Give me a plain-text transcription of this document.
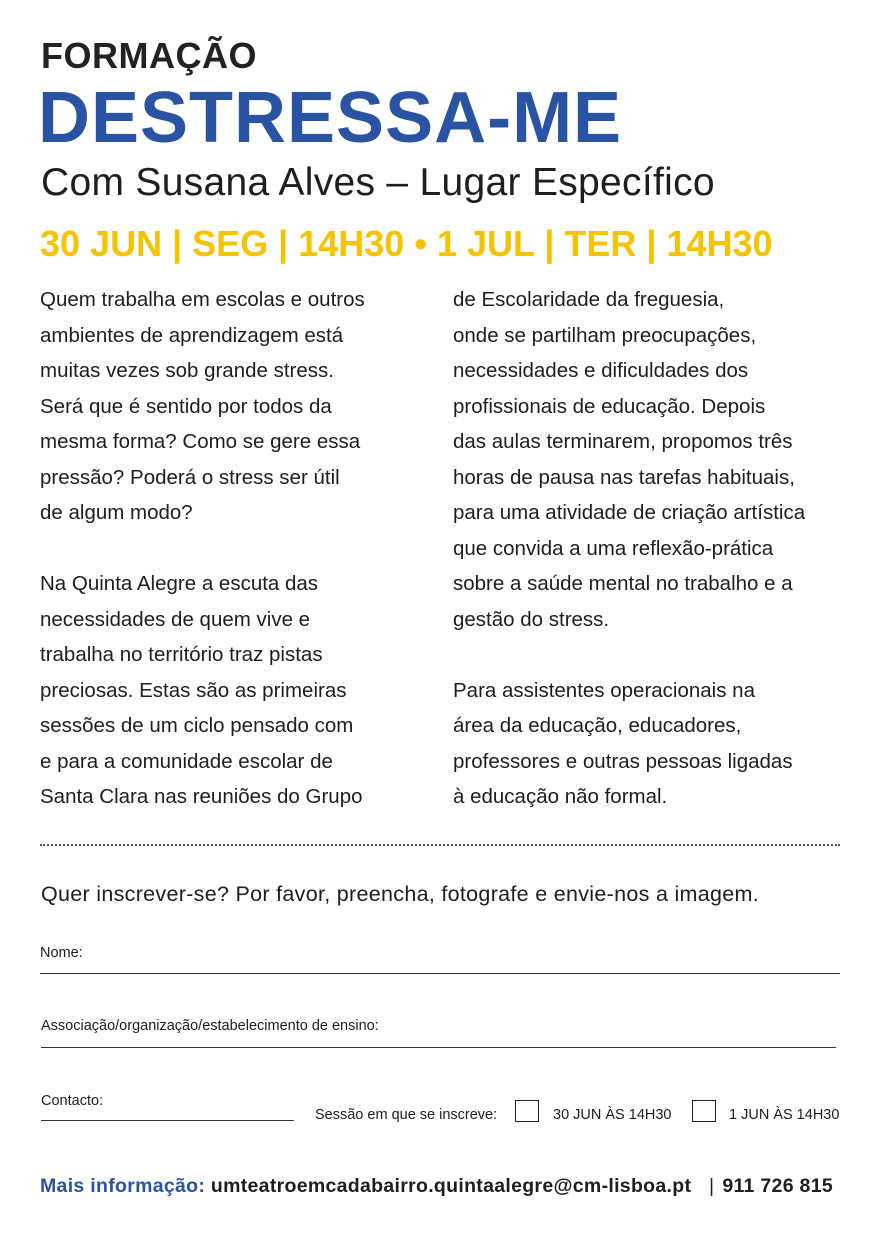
FORMAÇÃO
DESTRESSA-ME
Com Susana Alves – Lugar Específico
30 JUN | SEG | 14H30 • 1 JUL | TER | 14H30

Quem trabalha em escolas e outros
ambientes de aprendizagem está
muitas vezes sob grande stress.
Será que é sentido por todos da
mesma forma? Como se gere essa
pressão? Poderá o stress ser útil
de algum modo?

Na Quinta Alegre a escuta das
necessidades de quem vive e
trabalha no território traz pistas
preciosas. Estas são as primeiras
sessões de um ciclo pensado com
e para a comunidade escolar de
Santa Clara nas reuniões do Grupo

de Escolaridade da freguesia,
onde se partilham preocupações,
necessidades e dificuldades dos
profissionais de educação. Depois
das aulas terminarem, propomos três
horas de pausa nas tarefas habituais,
para uma atividade de criação artística
que convida a uma reflexão-prática
sobre a saúde mental no trabalho e a
gestão do stress.

Para assistentes operacionais na
área da educação, educadores,
professores e outras pessoas ligadas
à educação não formal.

Quer inscrever-se? Por favor, preencha, fotografe e envie-nos a imagem.
Nome:
Associação/organização/estabelecimento de ensino:
Contacto:
Sessão em que se inscreve:	30 JUN ÀS 14H30	1 JUN ÀS 14H30
Mais informação: umteatroemcadabairro.quintaalegre@cm-lisboa.pt | 911 726 815
